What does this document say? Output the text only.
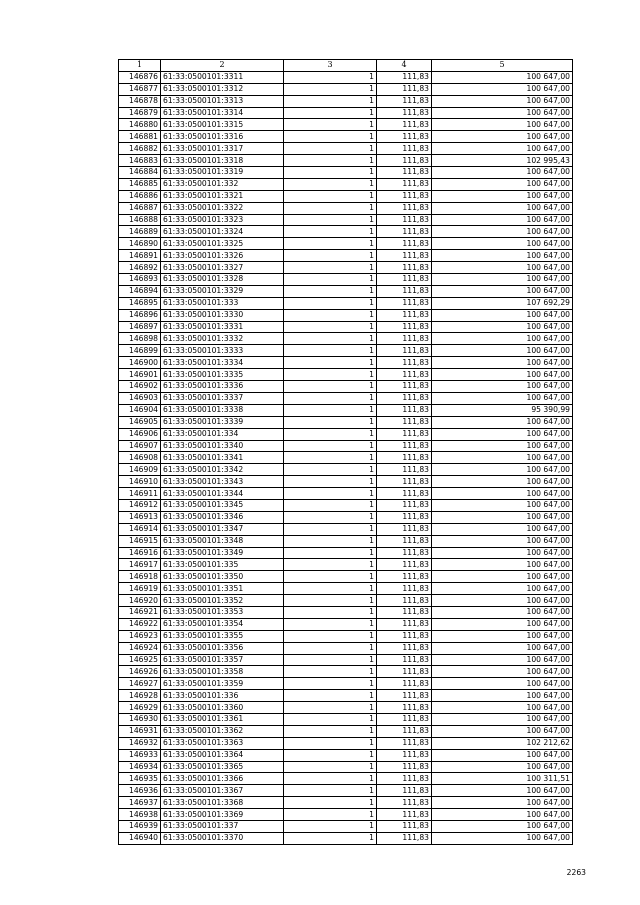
1	2	3	4	5
146876	61:33:0500101:3311	1	111,83	100 647,00
146877	61:33:0500101:3312	1	111,83	100 647,00
146878	61:33:0500101:3313	1	111,83	100 647,00
146879	61:33:0500101:3314	1	111,83	100 647,00
146880	61:33:0500101:3315	1	111,83	100 647,00
146881	61:33:0500101:3316	1	111,83	100 647,00
146882	61:33:0500101:3317	1	111,83	100 647,00
146883	61:33:0500101:3318	1	111,83	102 995,43
146884	61:33:0500101:3319	1	111,83	100 647,00
146885	61:33:0500101:332	1	111,83	100 647,00
146886	61:33:0500101:3321	1	111,83	100 647,00
146887	61:33:0500101:3322	1	111,83	100 647,00
146888	61:33:0500101:3323	1	111,83	100 647,00
146889	61:33:0500101:3324	1	111,83	100 647,00
146890	61:33:0500101:3325	1	111,83	100 647,00
146891	61:33:0500101:3326	1	111,83	100 647,00
146892	61:33:0500101:3327	1	111,83	100 647,00
146893	61:33:0500101:3328	1	111,83	100 647,00
146894	61:33:0500101:3329	1	111,83	100 647,00
146895	61:33:0500101:333	1	111,83	107 692,29
146896	61:33:0500101:3330	1	111,83	100 647,00
146897	61:33:0500101:3331	1	111,83	100 647,00
146898	61:33:0500101:3332	1	111,83	100 647,00
146899	61:33:0500101:3333	1	111,83	100 647,00
146900	61:33:0500101:3334	1	111,83	100 647,00
146901	61:33:0500101:3335	1	111,83	100 647,00
146902	61:33:0500101:3336	1	111,83	100 647,00
146903	61:33:0500101:3337	1	111,83	100 647,00
146904	61:33:0500101:3338	1	111,83	95 390,99
146905	61:33:0500101:3339	1	111,83	100 647,00
146906	61:33:0500101:334	1	111,83	100 647,00
146907	61:33:0500101:3340	1	111,83	100 647,00
146908	61:33:0500101:3341	1	111,83	100 647,00
146909	61:33:0500101:3342	1	111,83	100 647,00
146910	61:33:0500101:3343	1	111,83	100 647,00
146911	61:33:0500101:3344	1	111,83	100 647,00
146912	61:33:0500101:3345	1	111,83	100 647,00
146913	61:33:0500101:3346	1	111,83	100 647,00
146914	61:33:0500101:3347	1	111,83	100 647,00
146915	61:33:0500101:3348	1	111,83	100 647,00
146916	61:33:0500101:3349	1	111,83	100 647,00
146917	61:33:0500101:335	1	111,83	100 647,00
146918	61:33:0500101:3350	1	111,83	100 647,00
146919	61:33:0500101:3351	1	111,83	100 647,00
146920	61:33:0500101:3352	1	111,83	100 647,00
146921	61:33:0500101:3353	1	111,83	100 647,00
146922	61:33:0500101:3354	1	111,83	100 647,00
146923	61:33:0500101:3355	1	111,83	100 647,00
146924	61:33:0500101:3356	1	111,83	100 647,00
146925	61:33:0500101:3357	1	111,83	100 647,00
146926	61:33:0500101:3358	1	111,83	100 647,00
146927	61:33:0500101:3359	1	111,83	100 647,00
146928	61:33:0500101:336	1	111,83	100 647,00
146929	61:33:0500101:3360	1	111,83	100 647,00
146930	61:33:0500101:3361	1	111,83	100 647,00
146931	61:33:0500101:3362	1	111,83	100 647,00
146932	61:33:0500101:3363	1	111,83	102 212,62
146933	61:33:0500101:3364	1	111,83	100 647,00
146934	61:33:0500101:3365	1	111,83	100 647,00
146935	61:33:0500101:3366	1	111,83	100 311,51
146936	61:33:0500101:3367	1	111,83	100 647,00
146937	61:33:0500101:3368	1	111,83	100 647,00
146938	61:33:0500101:3369	1	111,83	100 647,00
146939	61:33:0500101:337	1	111,83	100 647,00
146940	61:33:0500101:3370	1	111,83	100 647,00
2263
